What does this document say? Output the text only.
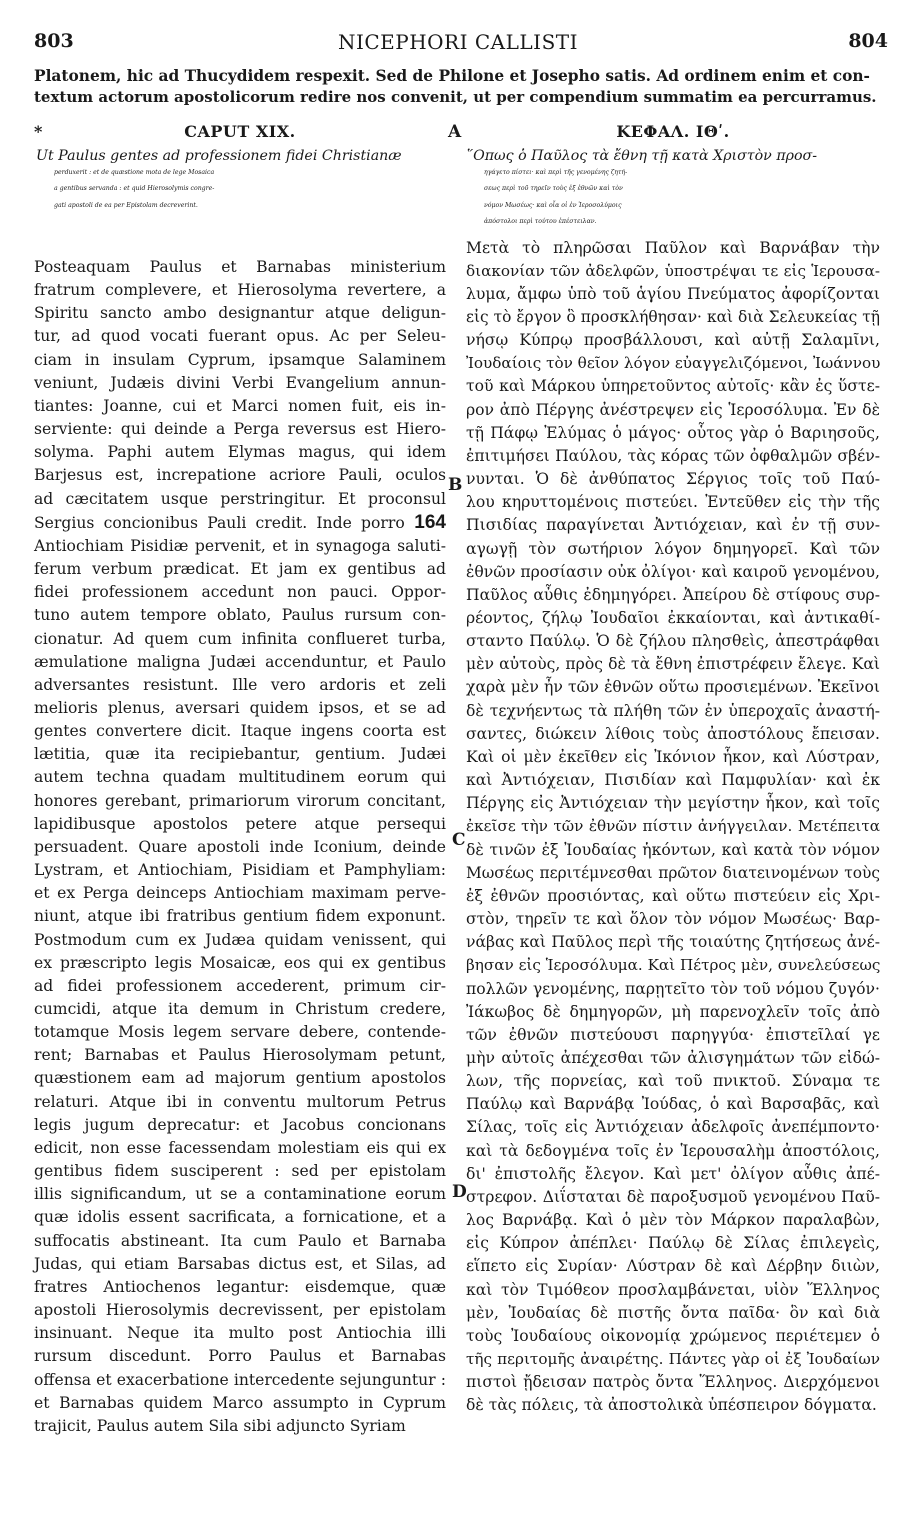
803	NICEPHORI CALLISTI	804
Platonem, hic ad Thucydidem respexit. Sed de Philone et Josepho satis. Ad ordinem enim et con-
textum actorum apostolicorum redire nos convenit, ut per compendium summatim ea percurramus.
*	CAPUT XIX.
Ut Paulus gentes ad professionem fidei Christianæ
perduxerit : et de quæstione mota de lege Mosaica
a gentibus servanda : et quid Hierosolymis congre-
gati apostoli de ea per Epistolam decreverint.
Posteaquam Paulus et Barnabas ministerium
fratrum complevere, et Hierosolyma revertere, a
Spiritu sancto ambo designantur atque deligun-
tur, ad quod vocati fuerant opus. Ac per Seleu-
ciam in insulam Cyprum, ipsamque Salaminem
veniunt, Judæis divini Verbi Evangelium annun-
tiantes: Joanne, cui et Marci nomen fuit, eis in-
serviente: qui deinde a Perga reversus est Hiero-
solyma. Paphi autem Elymas magus, qui idem
Barjesus est, increpatione acriore Pauli, oculos
ad cæcitatem usque perstringitur. Et proconsul
Sergius concionibus Pauli credit. Inde porro 164
Antiochiam Pisidiæ pervenit, et in synagoga saluti-
ferum verbum prædicat. Et jam ex gentibus ad
fidei professionem accedunt non pauci. Oppor-
tuno autem tempore oblato, Paulus rursum con-
cionatur. Ad quem cum infinita conflueret turba,
æmulatione maligna Judæi accenduntur, et Paulo
adversantes resistunt. Ille vero ardoris et zeli
melioris plenus, aversari quidem ipsos, et se ad
gentes convertere dicit. Itaque ingens coorta est
lætitia, quæ ita recipiebantur, gentium. Judæi
autem techna quadam multitudinem eorum qui
honores gerebant, primariorum virorum concitant,
lapidibusque apostolos petere atque persequi
persuadent. Quare apostoli inde Iconium, deinde
Lystram, et Antiochiam, Pisidiam et Pamphyliam:
et ex Perga deinceps Antiochiam maximam perve-
niunt, atque ibi fratribus gentium fidem exponunt.
Postmodum cum ex Judæa quidam venissent, qui
ex præscripto legis Mosaicæ, eos qui ex gentibus
ad fidei professionem accederent, primum cir-
cumcidi, atque ita demum in Christum credere,
totamque Mosis legem servare debere, contende-
rent; Barnabas et Paulus Hierosolymam petunt,
quæstionem eam ad majorum gentium apostolos
relaturi. Atque ibi in conventu multorum Petrus
legis jugum deprecatur: et Jacobus concionans
edicit, non esse facessendam molestiam eis qui ex
gentibus fidem susciperent : sed per epistolam
illis significandum, ut se a contaminatione eorum
quæ idolis essent sacrificata, a fornicatione, et a
suffocatis abstineant. Ita cum Paulo et Barnaba
Judas, qui etiam Barsabas dictus est, et Silas, ad
fratres Antiochenos legantur: eisdemque, quæ
apostoli Hierosolymis decrevissent, per epistolam
insinuant. Neque ita multo post Antiochia illi
rursum discedunt. Porro Paulus et Barnabas
offensa et exacerbatione intercedente sejunguntur :
et Barnabas quidem Marco assumpto in Cyprum
trajicit, Paulus autem Sila sibi adjuncto Syriam
ΚΕΦΑΛ. ΙΘʹ.
῞Οπως ὁ Παῦλος τὰ ἔθνη τῇ κατὰ Χριστὸν προσ-
ηγάγετο πίστει· καὶ περὶ τῆς γενομένης ζητή-
σεως περὶ τοῦ τηρεῖν τοὺς ἐξ ἐθνῶν καὶ τὸν
νόμον Μωσέως· καὶ οἷα οἱ ἐν Ἱεροσολύμοις
ἀπόστολοι περὶ τούτου ἐπέστειλαν.
Μετὰ τὸ πληρῶσαι Παῦλον καὶ Βαρνάβαν τὴν
διακονίαν τῶν ἀδελφῶν, ὑποστρέψαι τε εἰς Ἱερουσα-
λυμα, ἄμφω ὑπὸ τοῦ ἁγίου Πνεύματος ἀφορίζονται
εἰς τὸ ἔργον ὃ προσκλήθησαν· καὶ διὰ Σελευκείας τῇ
νήσῳ Κύπρῳ προσβάλλουσι, καὶ αὐτῇ Σαλαμῖνι,
Ἰουδαίοις τὸν θεῖον λόγον εὐαγγελιζόμενοι, Ἰωάννου
τοῦ καὶ Μάρκου ὑπηρετοῦντος αὐτοῖς· κἂν ἐς ὕστε-
ρον ἀπὸ Πέργης ἀνέστρεψεν εἰς Ἱεροσόλυμα. Ἐν δὲ
τῇ Πάφῳ Ἐλύμας ὁ μάγος· οὗτος γὰρ ὁ Βαριησοῦς,
ἐπιτιμήσει Παύλου, τὰς κόρας τῶν ὀφθαλμῶν σβέν-
νυνται. Ὁ δὲ ἀνθύπατος Σέργιος τοῖς τοῦ Παύ-
λου κηρυττομένοις πιστεύει. Ἐντεῦθεν εἰς τὴν τῆς
Πισιδίας παραγίνεται Ἀντιόχειαν, καὶ ἐν τῇ συν-
αγωγῇ τὸν σωτήριον λόγον δημηγορεῖ. Καὶ τῶν
ἐθνῶν προσίασιν οὐκ ὀλίγοι· καὶ καιροῦ γενομένου,
Παῦλος αὖθις ἐδημηγόρει. Ἀπείρου δὲ στίφους συρ-
ρέοντος, ζήλῳ Ἰουδαῖοι ἐκκαίονται, καὶ ἀντικαθί-
σταντο Παύλῳ. Ὁ δὲ ζήλου πλησθεὶς, ἀπεστράφθαι
μὲν αὐτοὺς, πρὸς δὲ τὰ ἔθνη ἐπιστρέφειν ἔλεγε. Καὶ
χαρὰ μὲν ἦν τῶν ἐθνῶν οὕτω προσιεμένων. Ἐκεῖνοι
δὲ τεχνήεντως τὰ πλήθη τῶν ἐν ὑπεροχαῖς ἀναστή-
σαντες, διώκειν λίθοις τοὺς ἀποστόλους ἔπεισαν.
Καὶ οἱ μὲν ἐκεῖθεν εἰς Ἰκόνιον ἧκον, καὶ Λύστραν,
καὶ Ἀντιόχειαν, Πισιδίαν καὶ Παμφυλίαν· καὶ ἐκ
Πέργης εἰς Ἀντιόχειαν τὴν μεγίστην ἧκον, καὶ τοῖς
ἐκεῖσε τὴν τῶν ἐθνῶν πίστιν ἀνήγγειλαν. Μετέπειτα
δὲ τινῶν ἐξ Ἰουδαίας ἡκόντων, καὶ κατὰ τὸν νόμον
Μωσέως περιτέμνεσθαι πρῶτον διατεινομένων τοὺς
ἐξ ἐθνῶν προσιόντας, καὶ οὕτω πιστεύειν εἰς Χρι-
στὸν, τηρεῖν τε καὶ ὅλον τὸν νόμον Μωσέως· Βαρ-
νάβας καὶ Παῦλος περὶ τῆς τοιαύτης ζητήσεως ἀνέ-
βησαν εἰς Ἱεροσόλυμα. Καὶ Πέτρος μὲν, συνελεύσεως
πολλῶν γενομένης, παρῃτεῖτο τὸν τοῦ νόμου ζυγόν·
Ἰάκωβος δὲ δημηγορῶν, μὴ παρενοχλεῖν τοῖς ἀπὸ
τῶν ἐθνῶν πιστεύουσι παρηγγύα· ἐπιστεῖλαί γε
μὴν αὐτοῖς ἀπέχεσθαι τῶν ἀλισγημάτων τῶν εἰδώ-
λων, τῆς πορνείας, καὶ τοῦ πνικτοῦ. Σύναμα τε
Παύλῳ καὶ Βαρνάβᾳ Ἰούδας, ὁ καὶ Βαρσαβᾶς, καὶ
Σίλας, τοῖς εἰς Ἀντιόχειαν ἀδελφοῖς ἀνεπέμποντο·
καὶ τὰ δεδογμένα τοῖς ἐν Ἱερουσαλὴμ ἀποστόλοις,
δι' ἐπιστολῆς ἔλεγον. Καὶ μετ' ὀλίγον αὖθις ἀπέ-
στρεφον. Διΐσταται δὲ παροξυσμοῦ γενομένου Παῦ-
λος Βαρνάβᾳ. Καὶ ὁ μὲν τὸν Μάρκον παραλαβὼν,
εἰς Κύπρον ἀπέπλει· Παύλῳ δὲ Σίλας ἐπιλεγεὶς,
εἵπετο εἰς Συρίαν· Λύστραν δὲ καὶ Δέρβην διιὼν,
καὶ τὸν Τιμόθεον προσλαμβάνεται, υἱὸν Ἕλληνος
μὲν, Ἰουδαίας δὲ πιστῆς ὄντα παῖδα· ὃν καὶ διὰ
τοὺς Ἰουδαίους οἰκονομίᾳ χρώμενος περιέτεμεν ὁ
τῆς περιτομῆς ἀναιρέτης. Πάντες γὰρ οἱ ἐξ Ἰουδαίων
πιστοὶ ᾔδεισαν πατρὸς ὄντα Ἕλληνος. Διερχόμενοι
δὲ τὰς πόλεις, τὰ ἀποστολικὰ ὑπέσπειρον δόγματα.
A
B
C
D
